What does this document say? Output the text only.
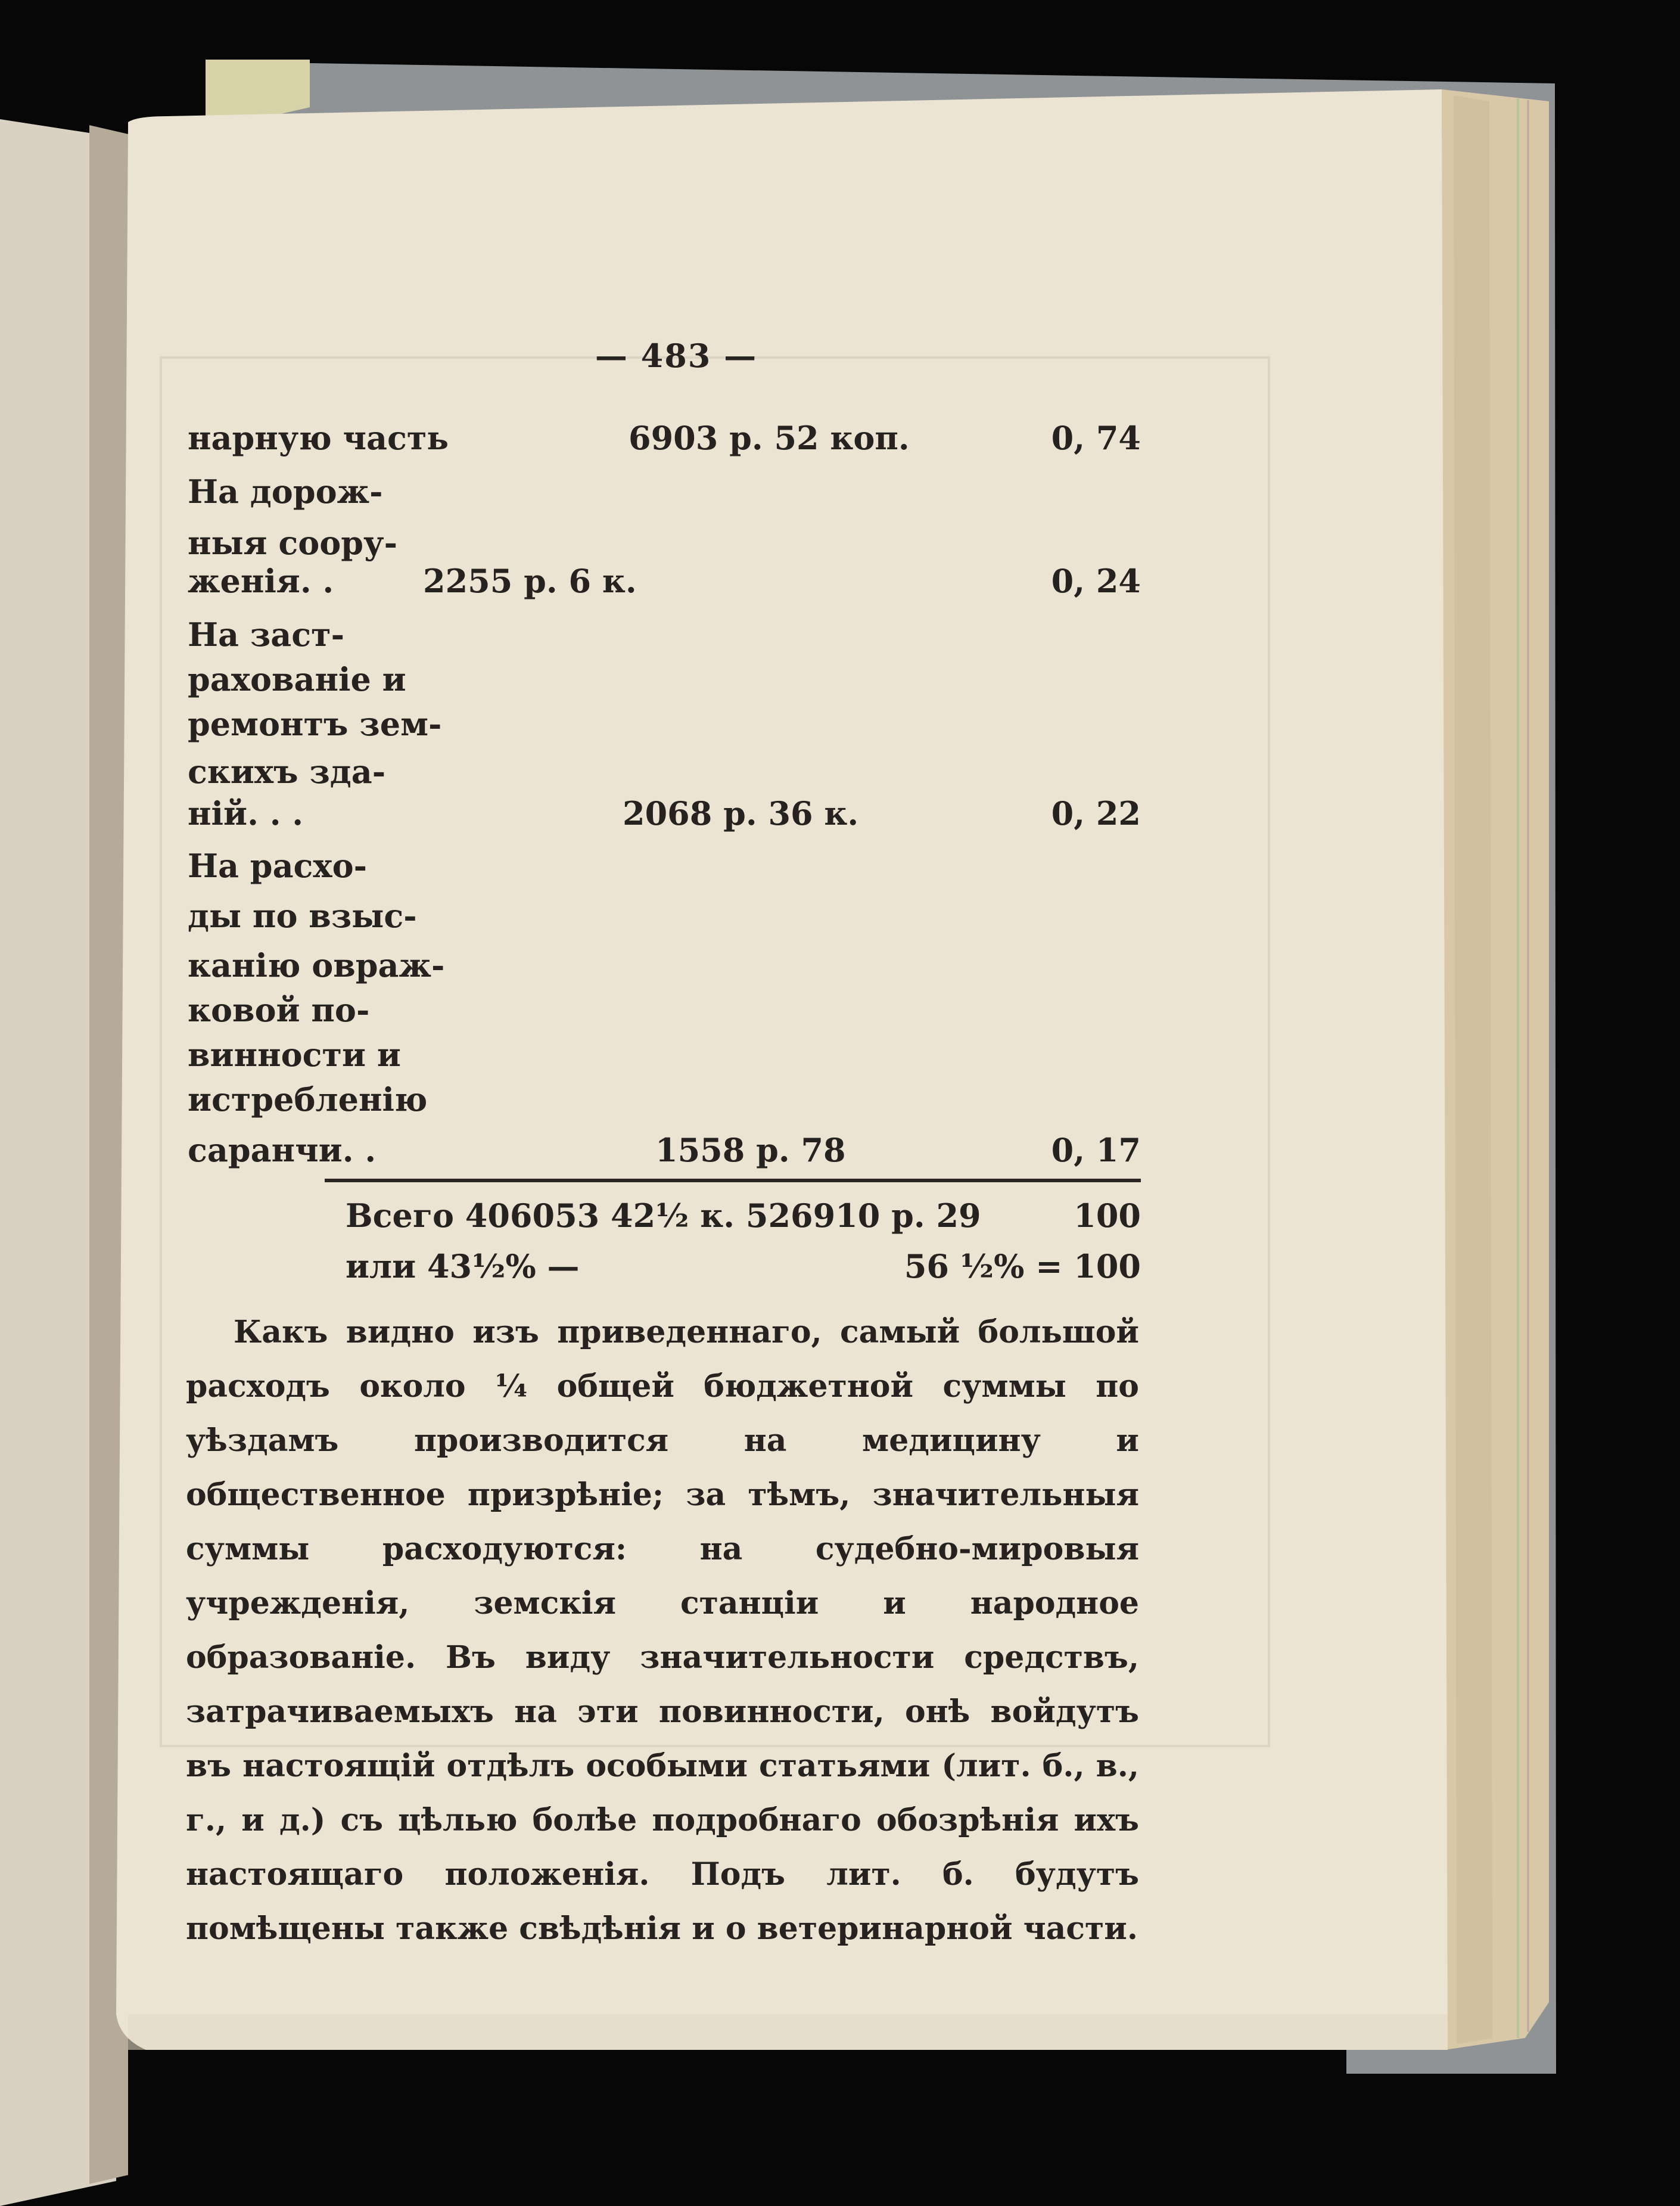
— 483 —
нарную часть	6903 р. 52 коп.	0, 74
На дорож-
ныя соору-
женія. .	2255 р. 6 к.	0, 24
На заст-
рахованіе и
ремонтъ зем-
скихъ зда-
ній. . .	2068 р. 36 к.	0, 22
На расхо-
ды по взыс-
канію овраж-
ковой по-
винности и
истребленію
саранчи. .	1558 р. 78	0, 17
Всего 406053 42½ к. 526910 р. 29	100
или 43½% —	56 ½% = 100

Какъ видно изъ приведеннаго, самый большой расходъ около ¼ общей бюджетной суммы по уѣздамъ производится на медицину и общественное призрѣніе; за тѣмъ, значительныя суммы расходуются: на судебно-мировыя учрежденія, земскія станціи и народное образованіе. Въ виду значительности средствъ, затрачиваемыхъ на эти повинности, онѣ войдутъ въ настоящій отдѣлъ особыми статьями (лит. б., в., г., и д.) съ цѣлью болѣе подробнаго обозрѣнія ихъ настоящаго положенія. Подъ лит. б. будутъ помѣщены также свѣдѣнія и о ветеринарной части.
